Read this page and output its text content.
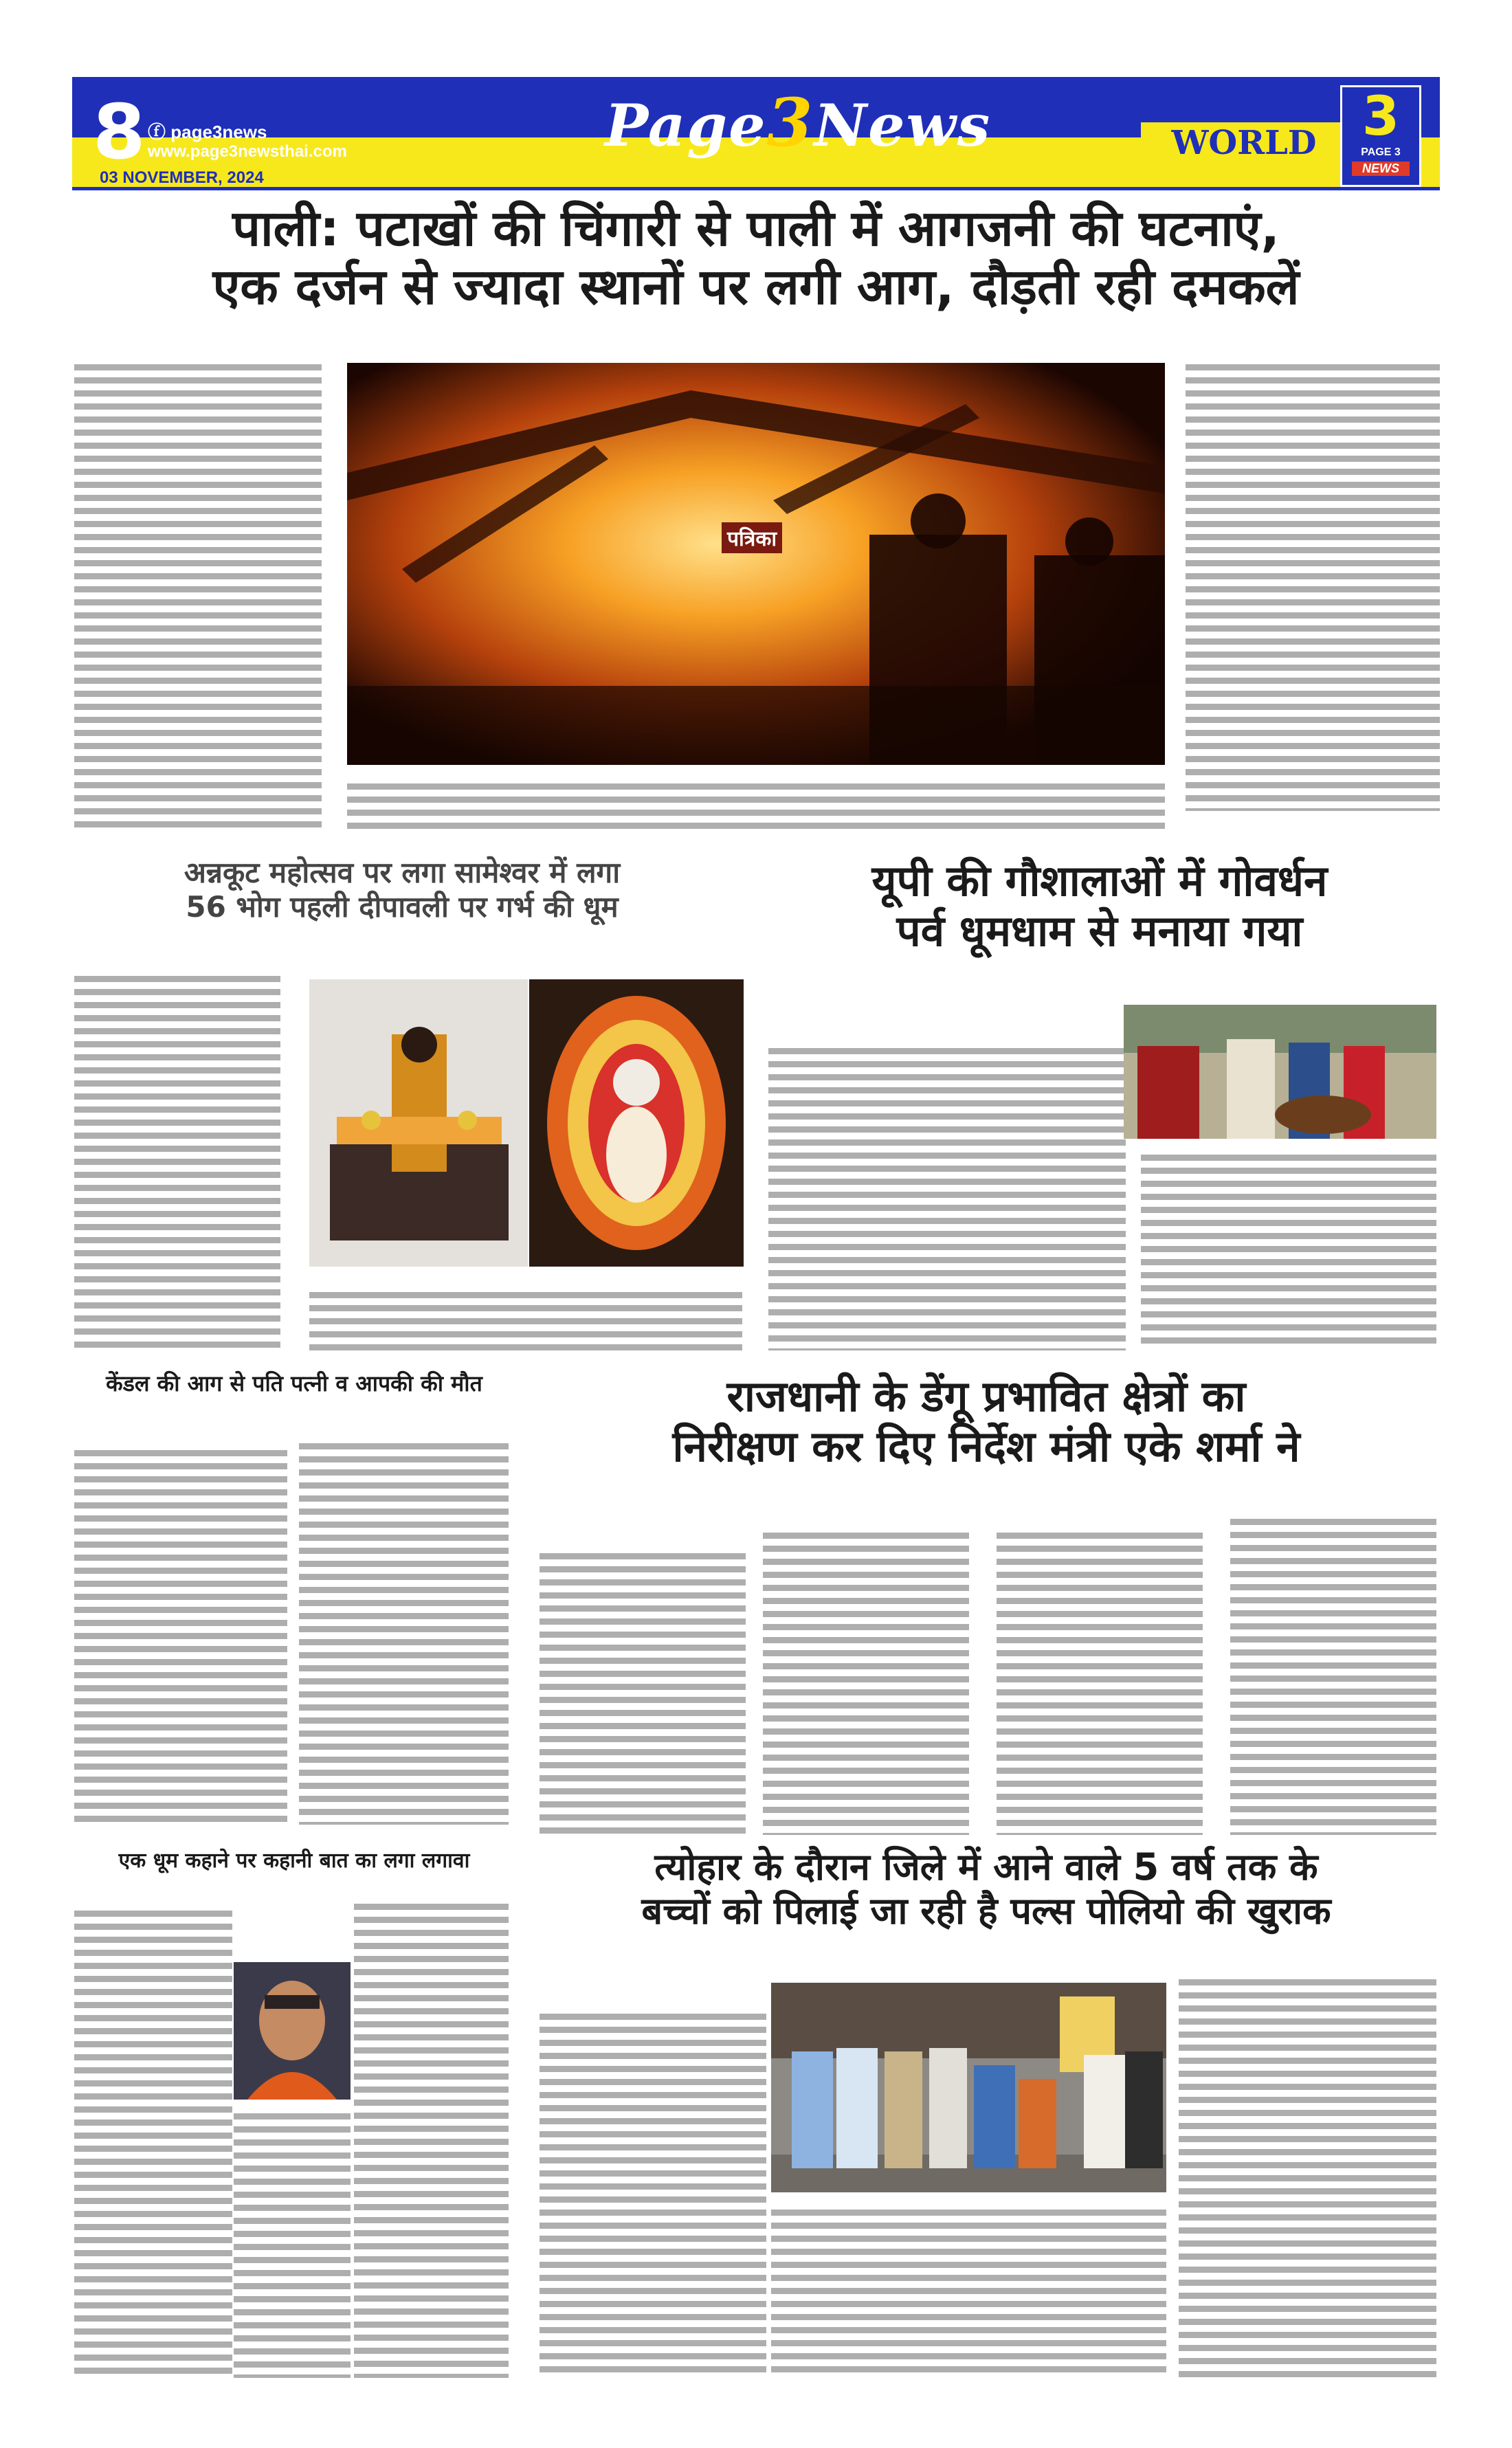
8 ⓕ page3news
www.page3newsthai.com	Page3News	WORLD 3
PAGE 3
NEWS
03 NOVEMBER, 2024
पाली: पटाखों की चिंगारी से पाली में आगजनी की घटनाएं,
एक दर्जन से ज्यादा स्थानों पर लगी आग, दौड़ती रही दमकलें
पत्रिका
यूपी की गौशालाओं में गोवर्धन
पर्व धूमधाम से मनाया गया
अन्नकूट महोत्सव पर लगा सामेश्वर में लगा
56 भोग पहली दीपावली पर गर्भ की धूम
केंडल की आग से पति पत्नी व आपकी की मौत	राजधानी के डेंगू प्रभावित क्षेत्रों का
निरीक्षण कर दिए निर्देश मंत्री एके शर्मा ने
एक धूम कहाने पर कहानी बात का लगा लगावा	त्योहार के दौरान जिले में आने वाले 5 वर्ष तक के
बच्चों को पिलाई जा रही है पल्स पोलियो की खुराक
